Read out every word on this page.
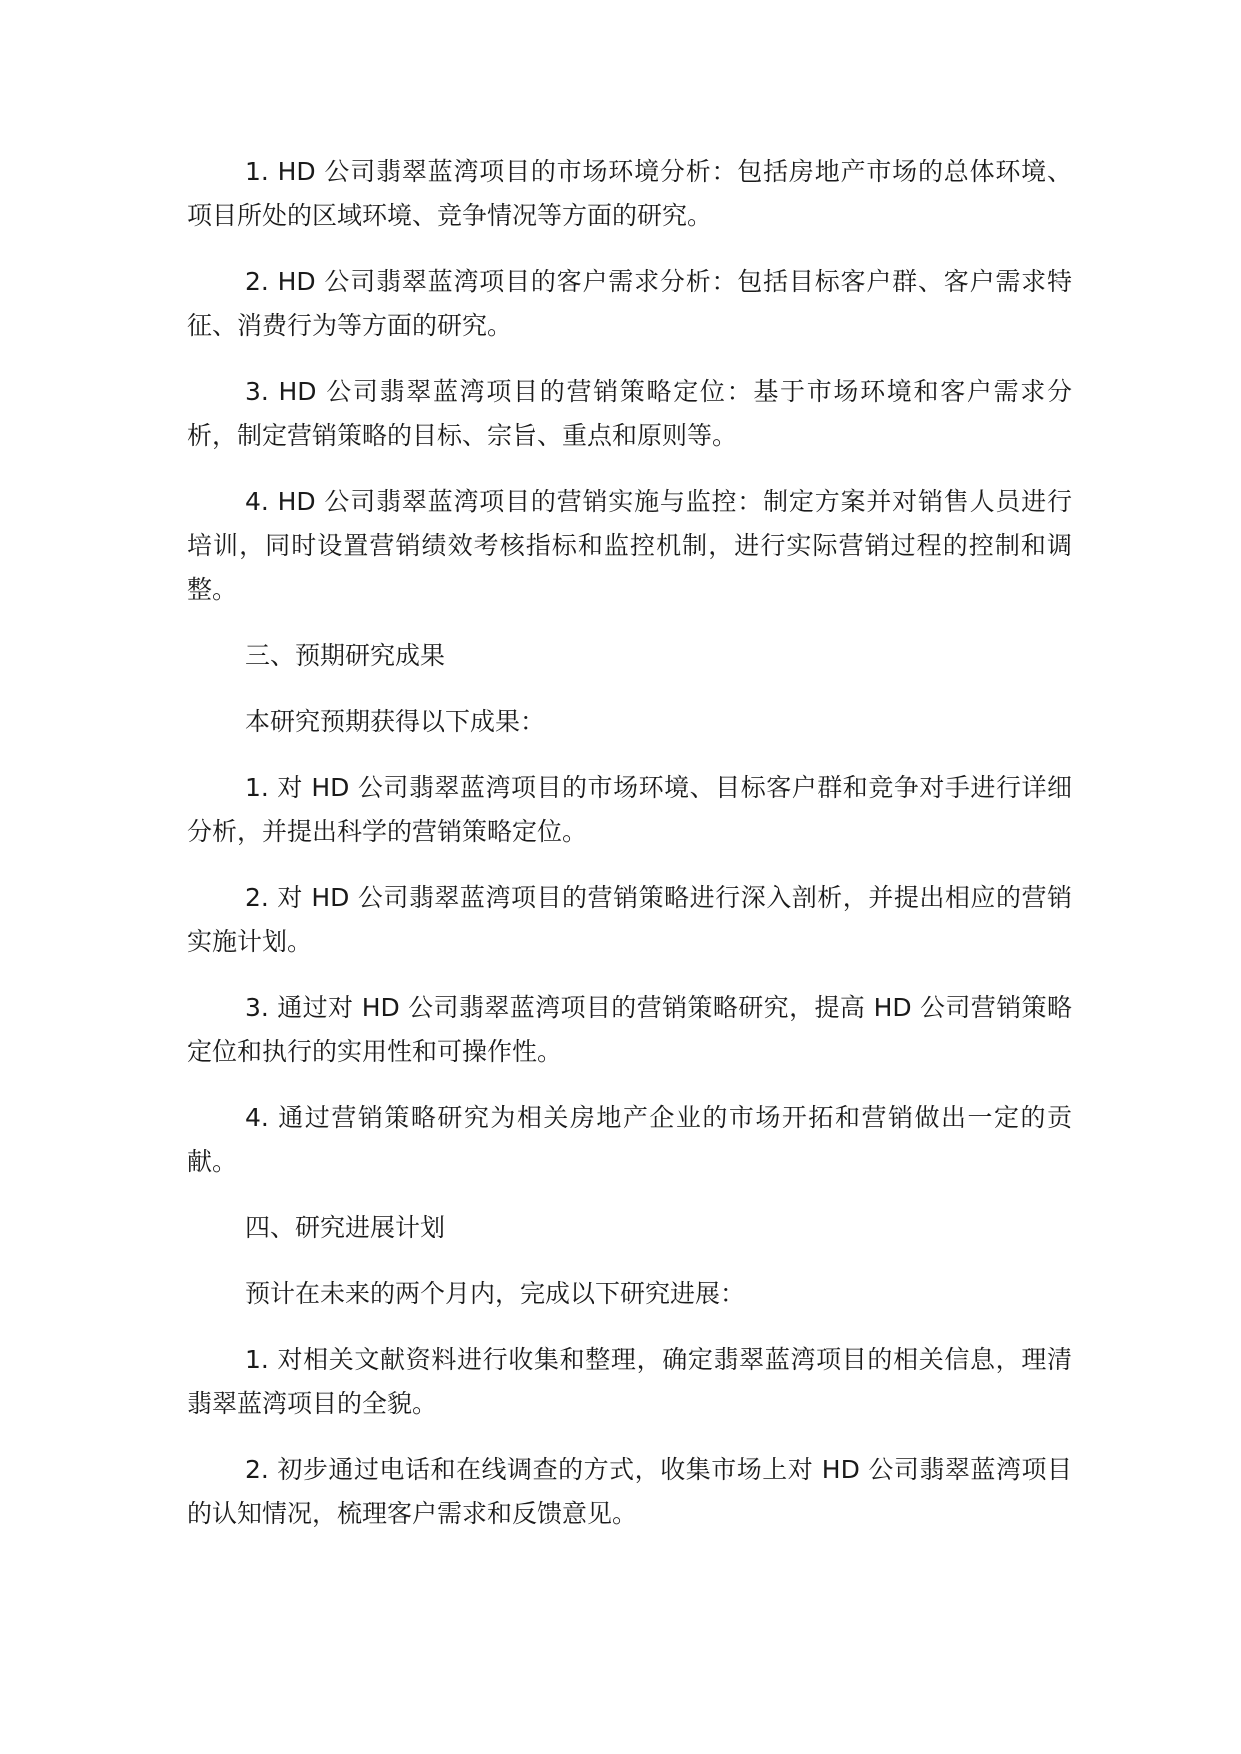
1. HD 公司翡翠蓝湾项目的市场环境分析：包括房地产市场的总体环境、项目所处的区域环境、竞争情况等方面的研究。

2. HD 公司翡翠蓝湾项目的客户需求分析：包括目标客户群、客户需求特征、消费行为等方面的研究。

3. HD 公司翡翠蓝湾项目的营销策略定位：基于市场环境和客户需求分析，制定营销策略的目标、宗旨、重点和原则等。

4. HD 公司翡翠蓝湾项目的营销实施与监控：制定方案并对销售人员进行培训，同时设置营销绩效考核指标和监控机制，进行实际营销过程的控制和调整。

三、预期研究成果

本研究预期获得以下成果：

1. 对 HD 公司翡翠蓝湾项目的市场环境、目标客户群和竞争对手进行详细分析，并提出科学的营销策略定位。

2. 对 HD 公司翡翠蓝湾项目的营销策略进行深入剖析，并提出相应的营销实施计划。

3. 通过对 HD 公司翡翠蓝湾项目的营销策略研究，提高 HD 公司营销策略定位和执行的实用性和可操作性。

4. 通过营销策略研究为相关房地产企业的市场开拓和营销做出一定的贡献。

四、研究进展计划

预计在未来的两个月内，完成以下研究进展：

1. 对相关文献资料进行收集和整理，确定翡翠蓝湾项目的相关信息，理清翡翠蓝湾项目的全貌。

2. 初步通过电话和在线调查的方式，收集市场上对 HD 公司翡翠蓝湾项目的认知情况，梳理客户需求和反馈意见。
